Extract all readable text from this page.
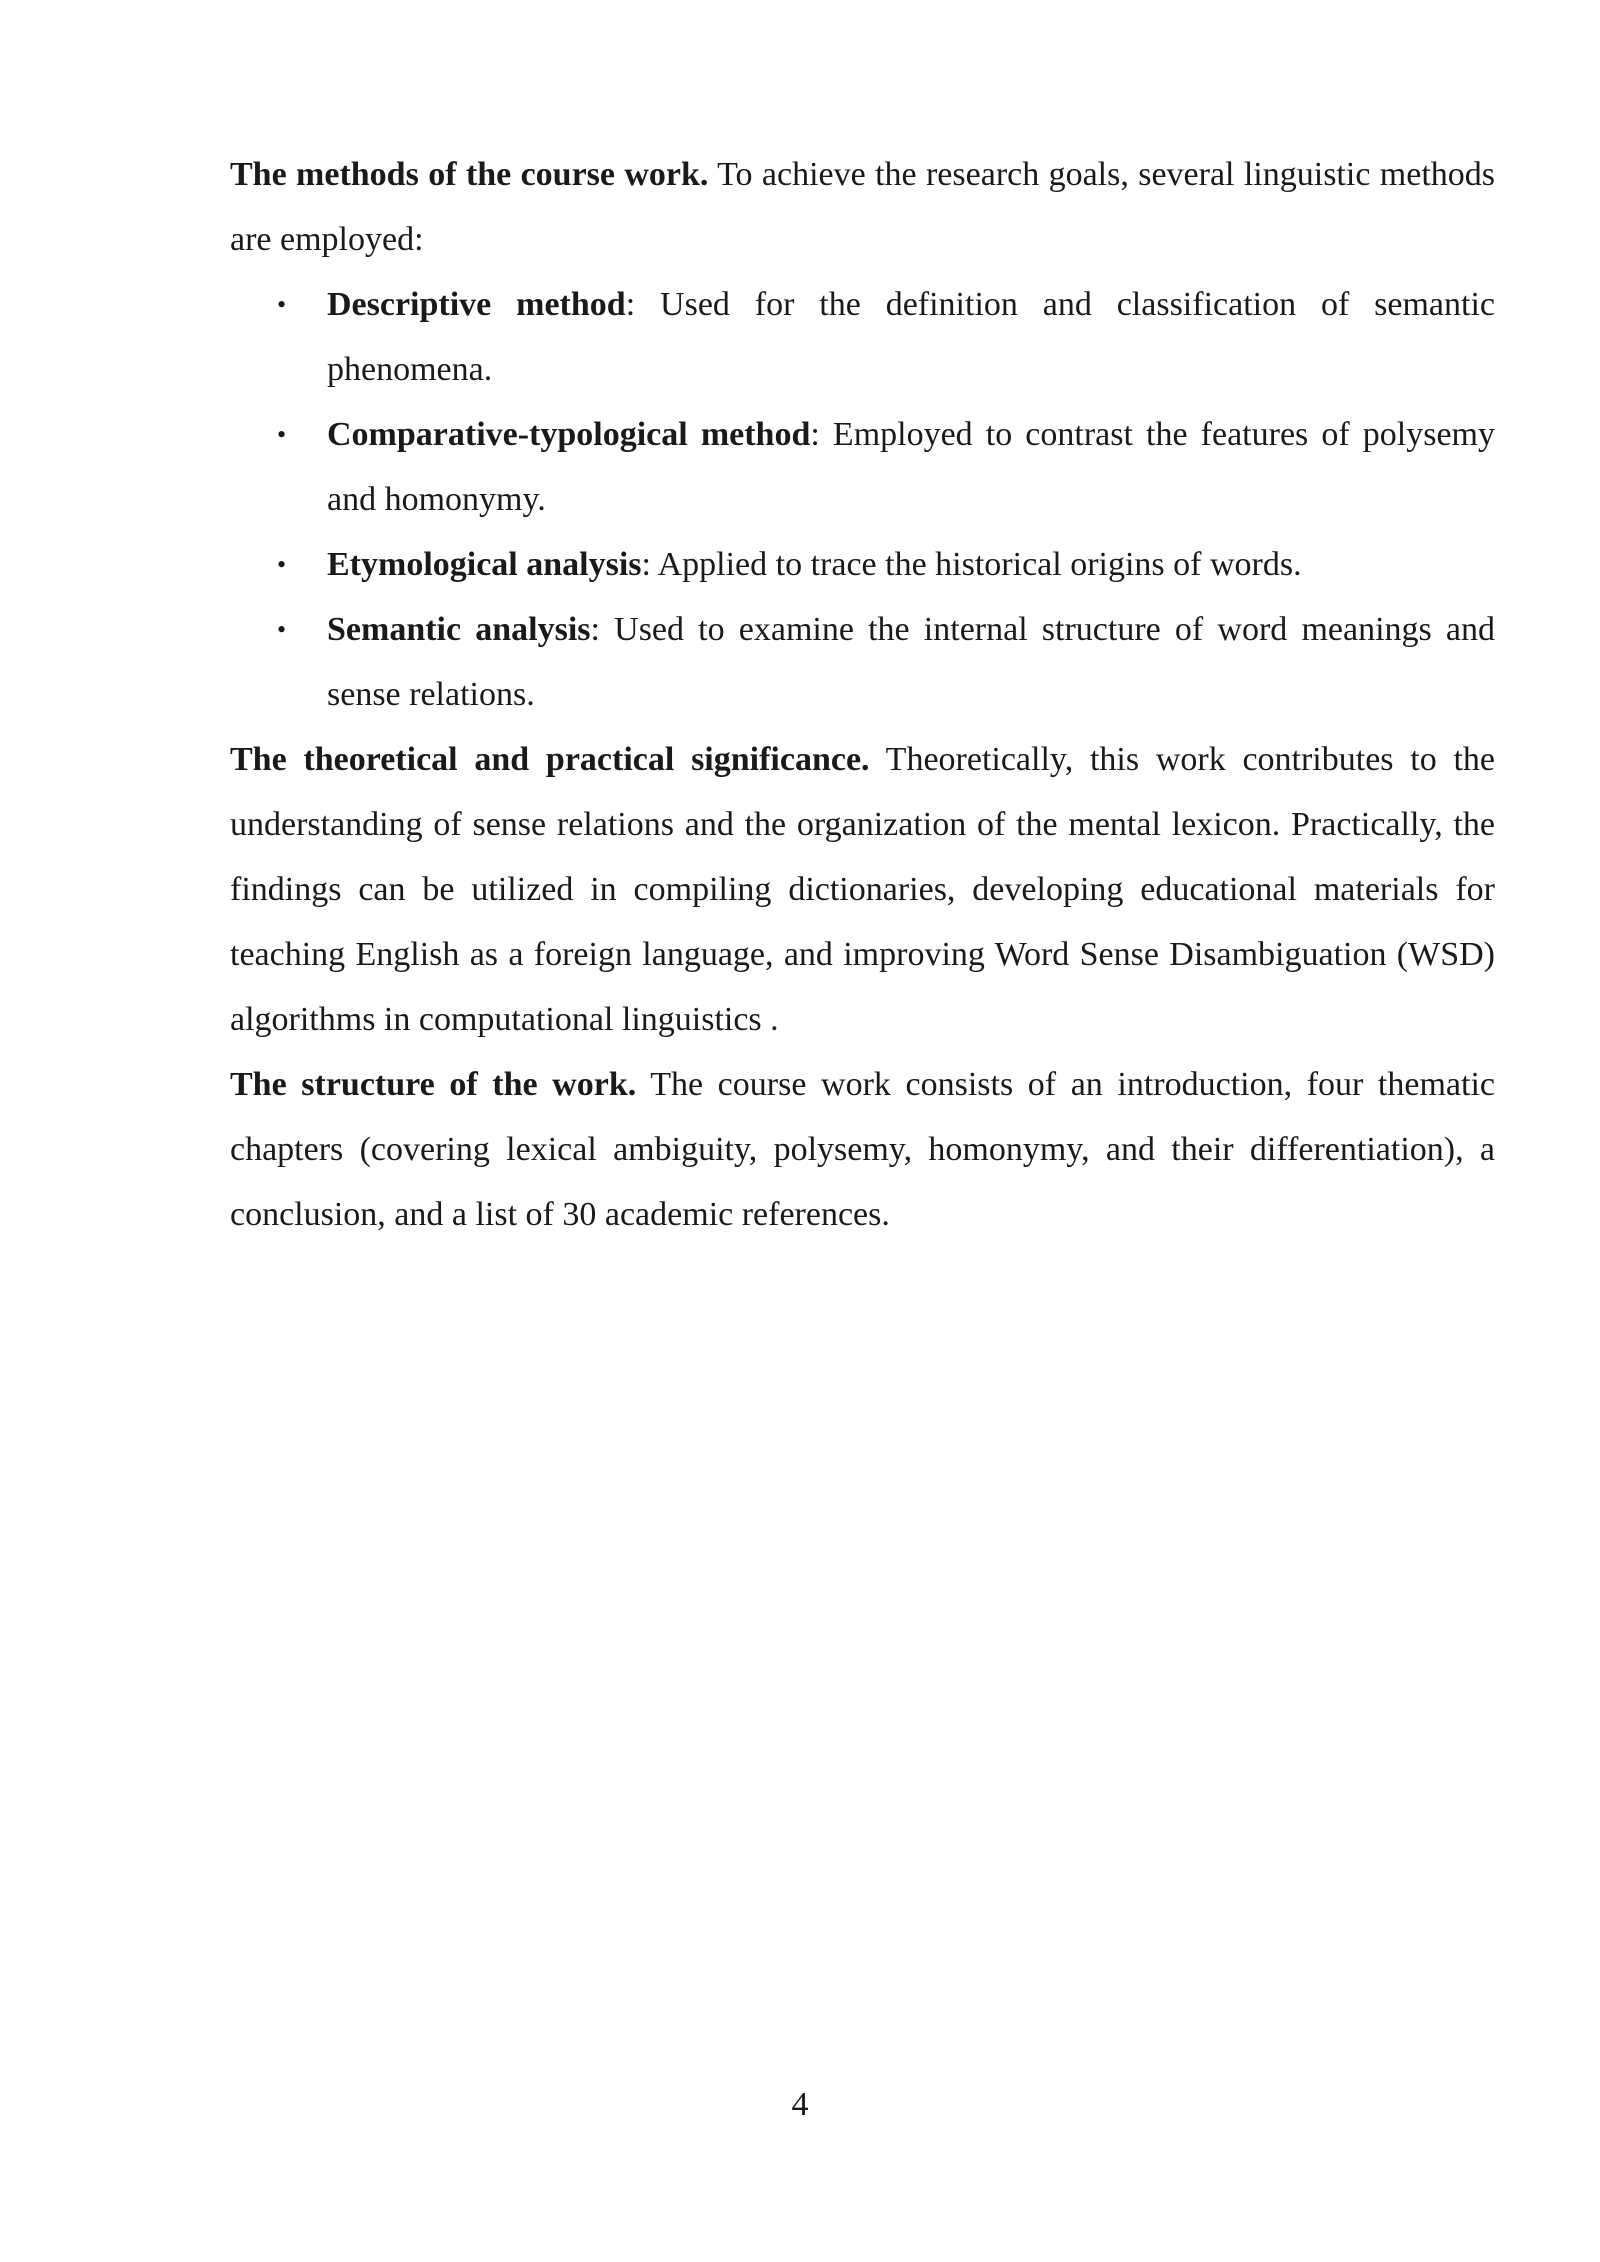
The methods of the course work. To achieve the research goals, several linguistic methods are employed:

•	Descriptive method: Used for the definition and classification of semantic phenomena.
•	Comparative-typological method: Employed to contrast the features of polysemy and homonymy.
•	Etymological analysis: Applied to trace the historical origins of words.
•	Semantic analysis: Used to examine the internal structure of word meanings and sense relations.

The theoretical and practical significance. Theoretically, this work contributes to the understanding of sense relations and the organization of the mental lexicon. Practically, the findings can be utilized in compiling dictionaries, developing educational materials for teaching English as a foreign language, and improving Word Sense Disambiguation (WSD) algorithms in computational linguistics .

The structure of the work. The course work consists of an introduction, four thematic chapters (covering lexical ambiguity, polysemy, homonymy, and their differentiation), a conclusion, and a list of 30 academic references.

4
